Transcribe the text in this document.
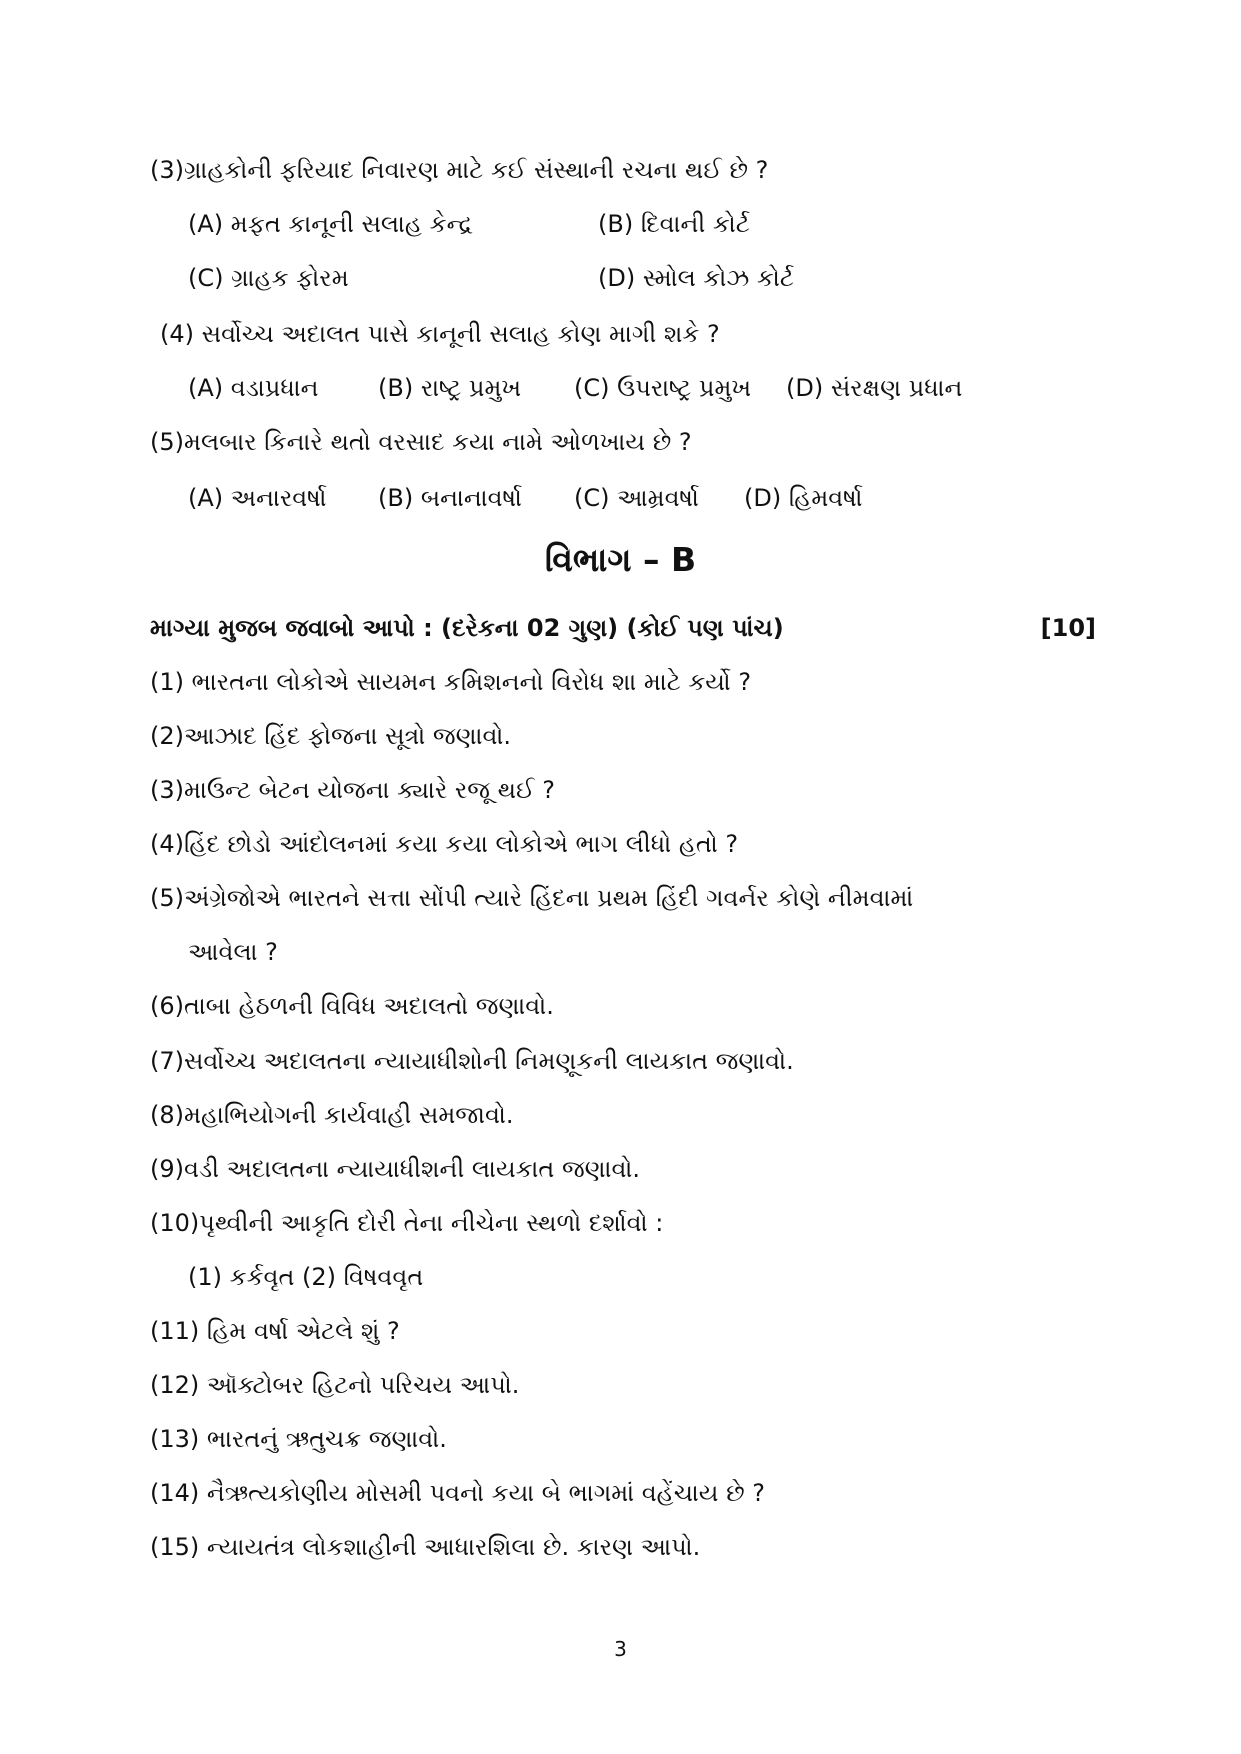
(3)ગ્રાહકોની ફરિયાદ નિવારણ માટે કઈ સંસ્થાની રચના થઈ છે ?
(A) મફત કાનૂની સલાહ કેન્દ્ર	(B) દિવાની કોર્ટ
(C) ગ્રાહક ફોરમ	(D) સ્મોલ કોઝ કોર્ટ
(4) સર્વોચ્ચ અદાલત પાસે કાનૂની સલાહ કોણ માગી શકે ?
(A) વડાપ્રધાન (B) રાષ્ટ્ર પ્રમુખ (C) ઉપરાષ્ટ્ર પ્રમુખ (D) સંરક્ષણ પ્રધાન
(5)મલબાર કિનારે થતો વરસાદ કયા નામે ઓળખાય છે ?
(A) અનારવર્ષા (B) બનાનાવર્ષા (C) આમ્રવર્ષા (D) હિમવર્ષા
વિભાગ – B
માગ્યા મુજબ જવાબો આપો : (દરેકના 02 ગુણ) (કોઈ પણ પાંચ)	[10]
(1) ભારતના લોકોએ સાયમન કમિશનનો વિરોધ શા માટે કર્યો ?
(2)આઝાદ હિંદ ફોજના સૂત્રો જણાવો.
(3)માઉન્ટ બેટન યોજના ક્યારે રજૂ થઈ ?
(4)હિંદ છોડો આંદોલનમાં કયા કયા લોકોએ ભાગ લીધો હતો ?
(5)અંગ્રેજોએ ભારતને સત્તા સોંપી ત્યારે હિંદના પ્રથમ હિંદી ગવર્નર કોણે નીમવામાં
આવેલા ?
(6)તાબા હેઠળની વિવિધ અદાલતો જણાવો.
(7)સર્વોચ્ચ અદાલતના ન્યાયાધીશોની નિમણૂકની લાયકાત જણાવો.
(8)મહાભિયોગની કાર્યવાહી સમજાવો.
(9)વડી અદાલતના ન્યાયાધીશની લાયકાત જણાવો.
(10)પૃથ્વીની આકૃતિ દોરી તેના નીચેના સ્થળો દર્શાવો :
(1) કર્કવૃત (2) વિષવવૃત
(11) હિમ વર્ષા એટલે શું ?
(12) ઑક્ટોબર હિટનો પરિચય આપો.
(13) ભારતનું ઋતુચક્ર જણાવો.
(14) નૈઋત્યકોણીય મોસમી પવનો કયા બે ભાગમાં વહેંચાય છે ?
(15) ન્યાયતંત્ર લોકશાહીની આધારશિલા છે. કારણ આપો.
3
